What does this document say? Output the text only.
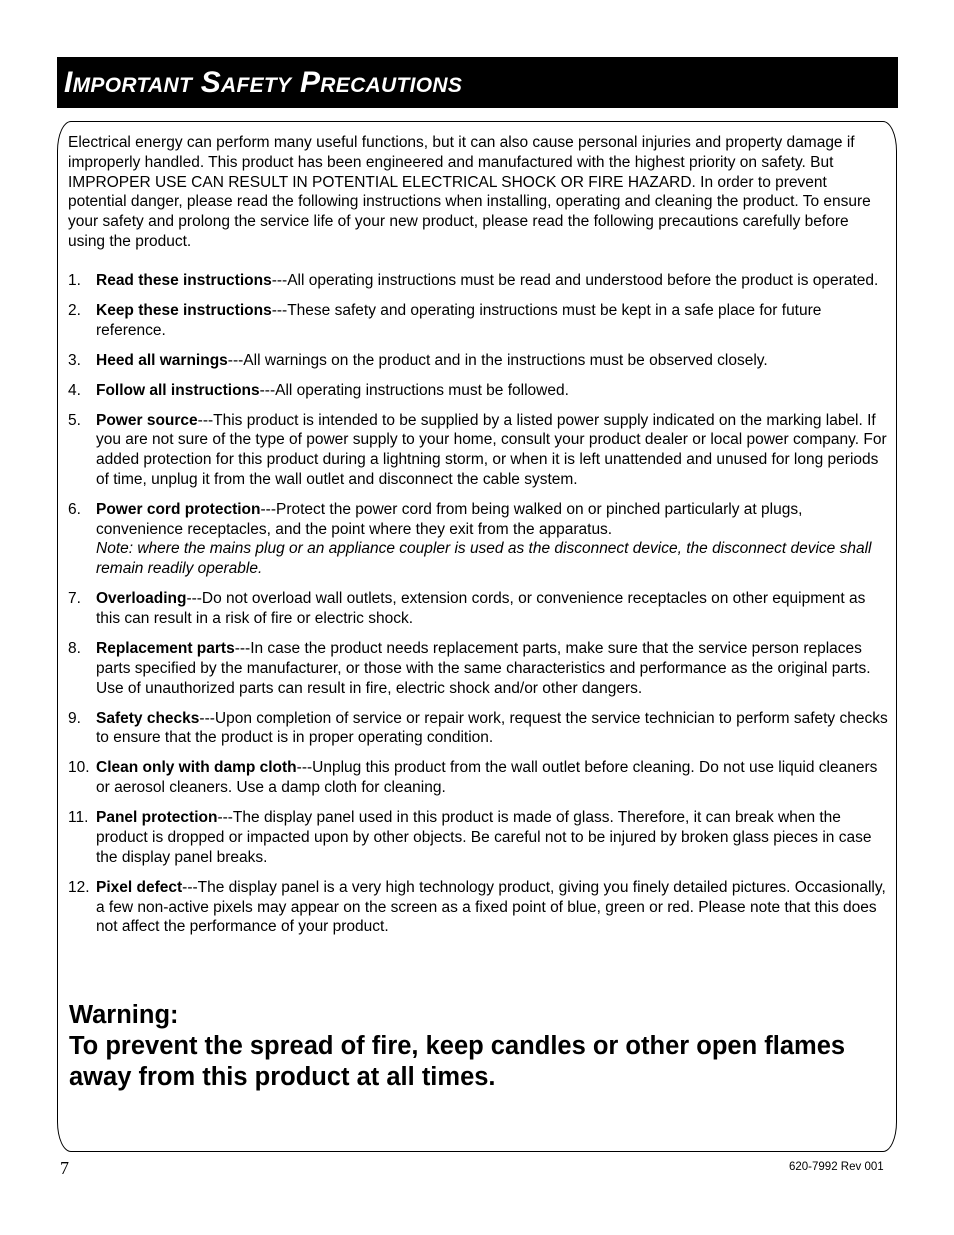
Important Safety Precautions

Electrical energy can perform many useful functions, but it can also cause personal injuries and property damage if improperly handled. This product has been engineered and manufactured with the highest priority on safety. But IMPROPER USE CAN RESULT IN POTENTIAL ELECTRICAL SHOCK OR FIRE HAZARD. In order to prevent potential danger, please read the following instructions when installing, operating and cleaning the product. To ensure your safety and prolong the service life of your new product, please read the following precautions carefully before using the product.

1. Read these instructions---All operating instructions must be read and understood before the product is operated.
2. Keep these instructions---These safety and operating instructions must be kept in a safe place for future reference.
3. Heed all warnings---All warnings on the product and in the instructions must be observed closely.
4. Follow all instructions---All operating instructions must be followed.
5. Power source---This product is intended to be supplied by a listed power supply indicated on the marking label. If you are not sure of the type of power supply to your home, consult your product dealer or local power company. For added protection for this product during a lightning storm, or when it is left unattended and unused for long periods of time, unplug it from the wall outlet and disconnect the cable system.
6. Power cord protection---Protect the power cord from being walked on or pinched particularly at plugs, convenience receptacles, and the point where they exit from the apparatus.
Note: where the mains plug or an appliance coupler is used as the disconnect device, the disconnect device shall remain readily operable.
7. Overloading---Do not overload wall outlets, extension cords, or convenience receptacles on other equipment as this can result in a risk of fire or electric shock.
8. Replacement parts---In case the product needs replacement parts, make sure that the service person replaces parts specified by the manufacturer, or those with the same characteristics and performance as the original parts. Use of unauthorized parts can result in fire, electric shock and/or other dangers.
9. Safety checks---Upon completion of service or repair work, request the service technician to perform safety checks to ensure that the product is in proper operating condition.
10. Clean only with damp cloth---Unplug this product from the wall outlet before cleaning. Do not use liquid cleaners or aerosol cleaners. Use a damp cloth for cleaning.
11. Panel protection---The display panel used in this product is made of glass. Therefore, it can break when the product is dropped or impacted upon by other objects. Be careful not to be injured by broken glass pieces in case the display panel breaks.
12. Pixel defect---The display panel is a very high technology product, giving you finely detailed pictures. Occasionally, a few non-active pixels may appear on the screen as a fixed point of blue, green or red. Please note that this does not affect the performance of your product.
Warning:
To prevent the spread of fire, keep candles or other open flames away from this product at all times.
7	620-7992 Rev 001
